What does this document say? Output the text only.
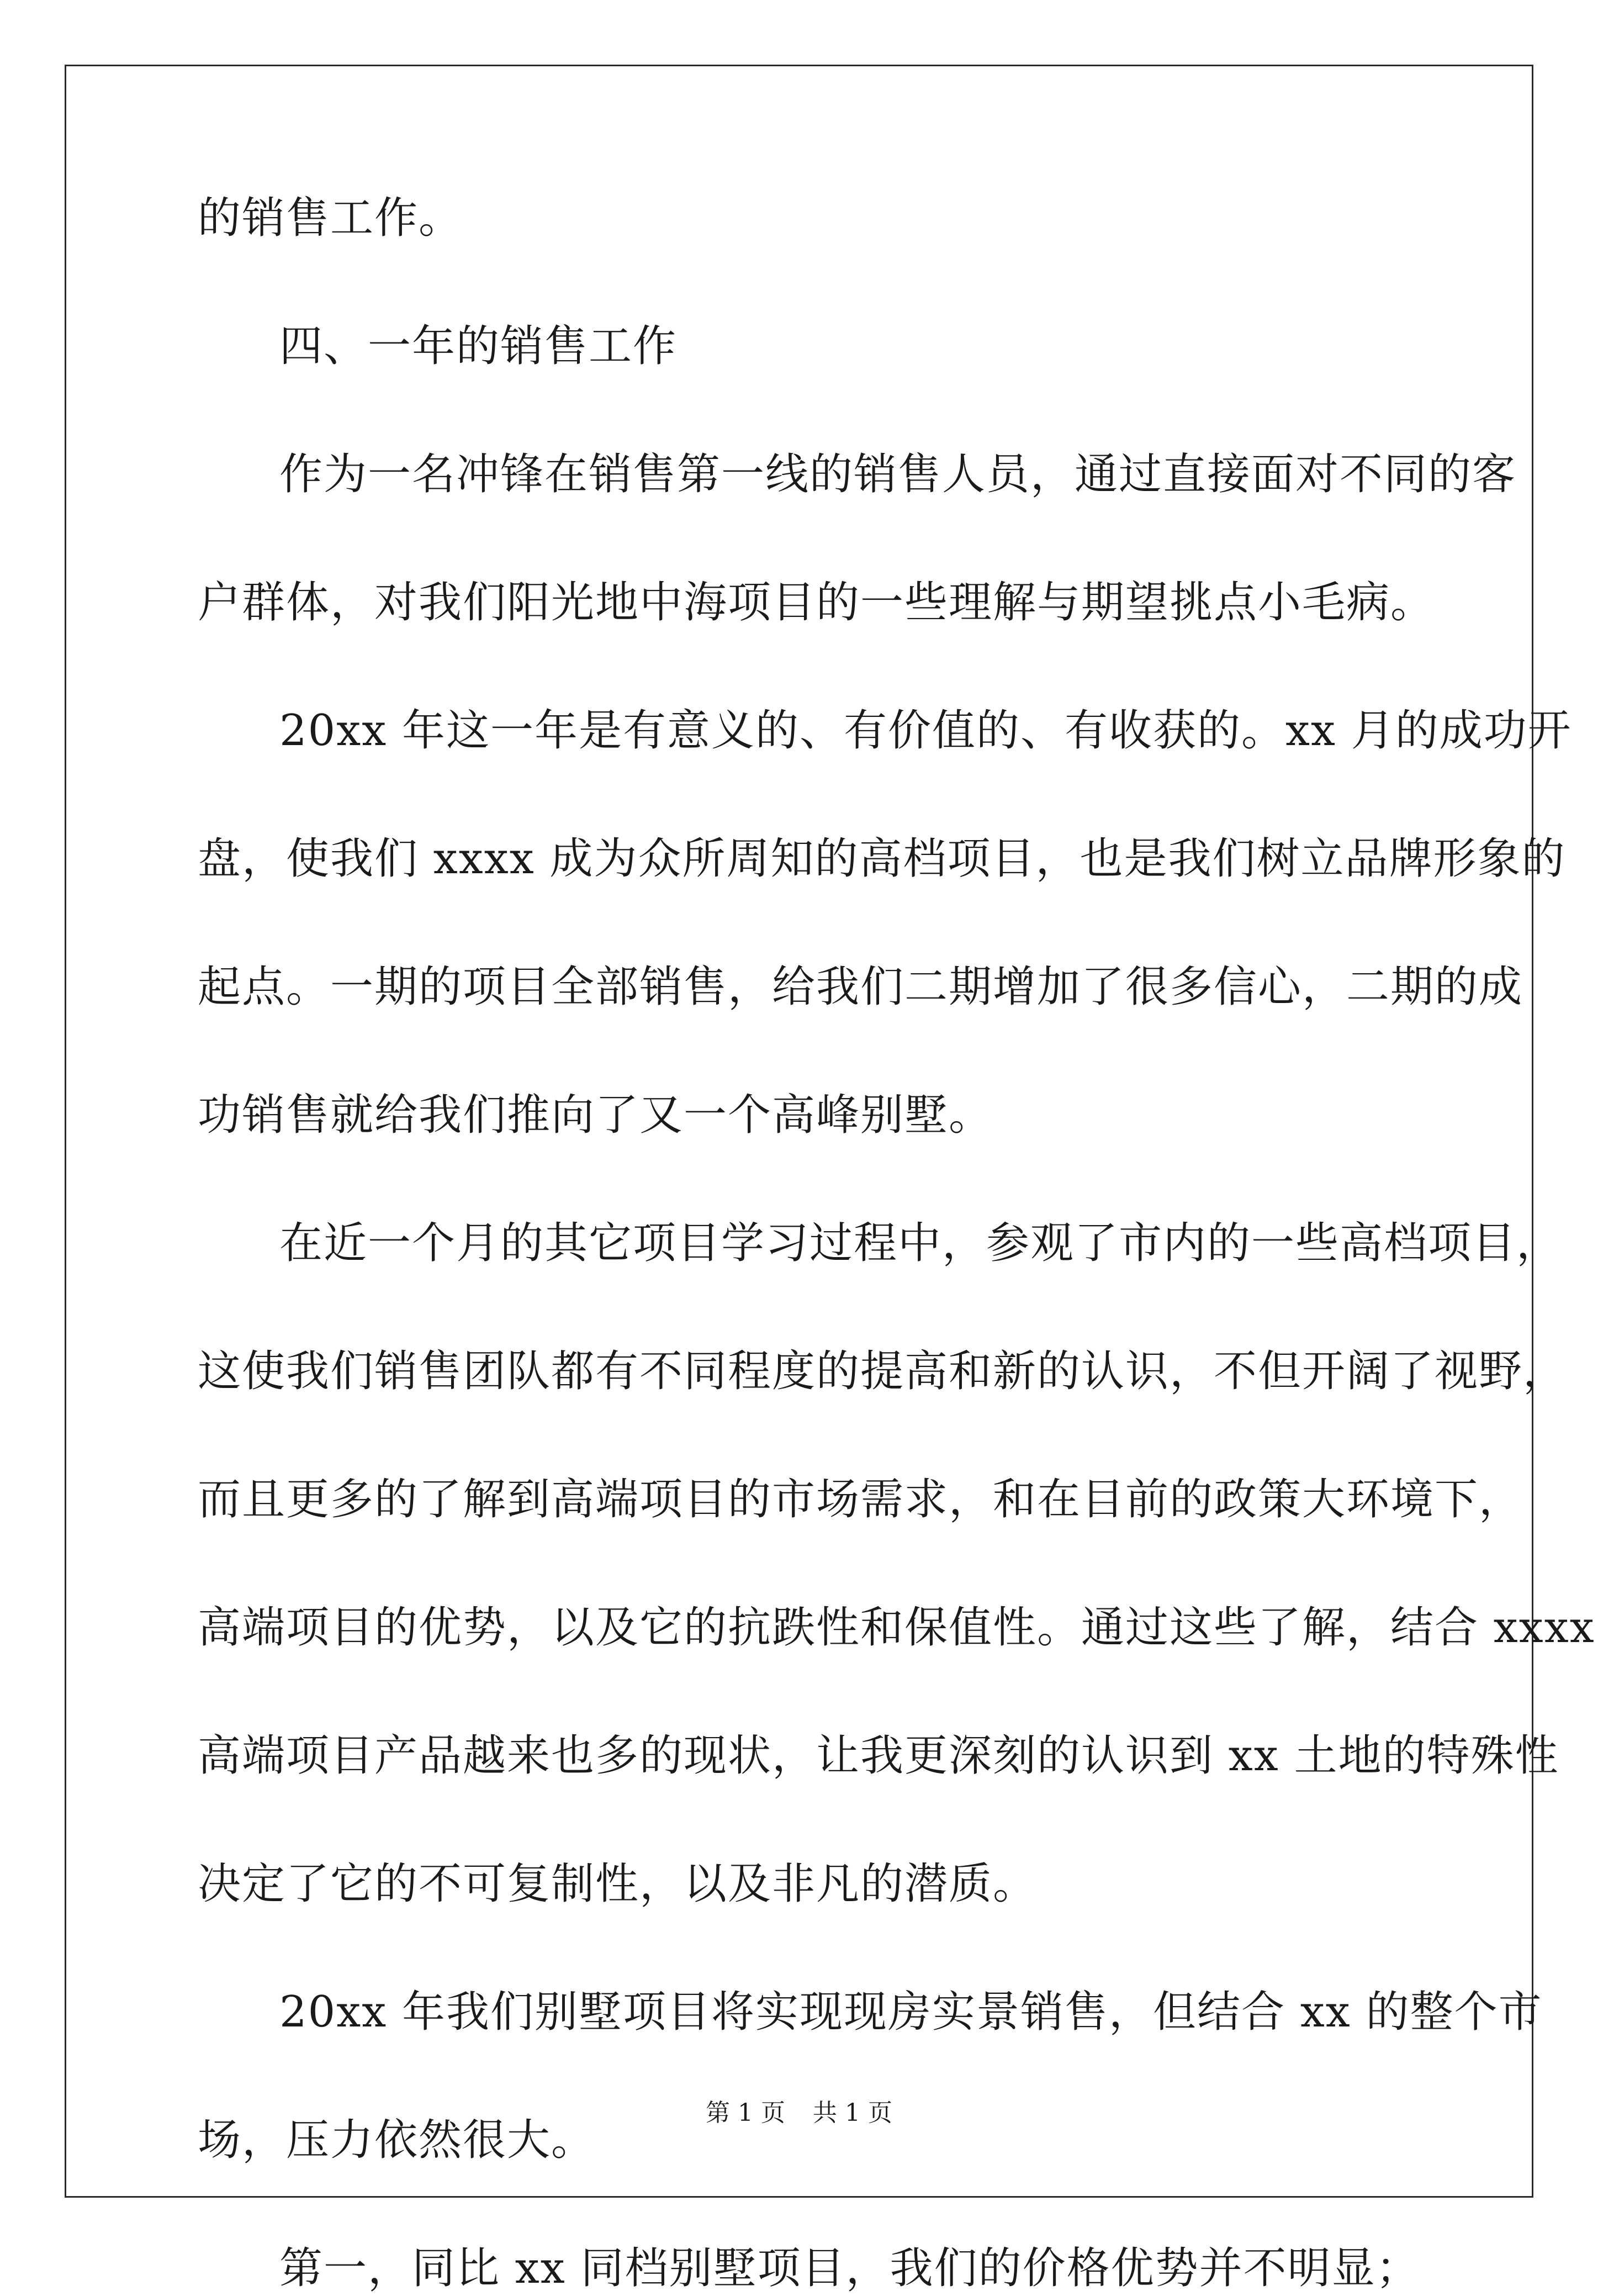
的销售工作。
四、一年的销售工作
作为一名冲锋在销售第一线的销售人员，通过直接面对不同的客
户群体，对我们阳光地中海项目的一些理解与期望挑点小毛病。
20xx 年这一年是有意义的、有价值的、有收获的。xx 月的成功开
盘，使我们 xxxx 成为众所周知的高档项目，也是我们树立品牌形象的
起点。一期的项目全部销售，给我们二期增加了很多信心，二期的成
功销售就给我们推向了又一个高峰别墅。
在近一个月的其它项目学习过程中，参观了市内的一些高档项目，
这使我们销售团队都有不同程度的提高和新的认识，不但开阔了视野，
而且更多的了解到高端项目的市场需求，和在目前的政策大环境下，
高端项目的优势，以及它的抗跌性和保值性。通过这些了解，结合 xxxx
高端项目产品越来也多的现状，让我更深刻的认识到 xx 土地的特殊性
决定了它的不可复制性，以及非凡的潜质。
20xx 年我们别墅项目将实现现房实景销售，但结合 xx 的整个市
场，压力依然很大。
第一，同比 xx 同档别墅项目，我们的价格优势并不明显；
第 1 页 共 1 页
